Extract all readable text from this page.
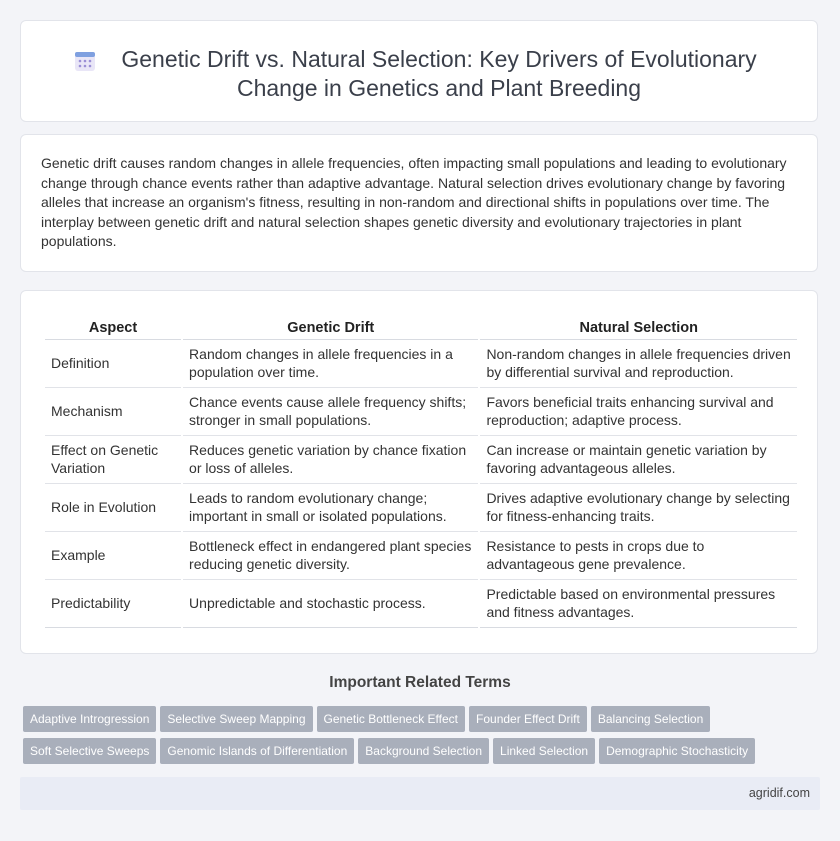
Genetic Drift vs. Natural Selection: Key Drivers of Evolutionary Change in Genetics and Plant Breeding

Genetic drift causes random changes in allele frequencies, often impacting small populations and leading to evolutionary change through chance events rather than adaptive advantage. Natural selection drives evolutionary change by favoring alleles that increase an organism's fitness, resulting in non-random and directional shifts in populations over time. The interplay between genetic drift and natural selection shapes genetic diversity and evolutionary trajectories in plant populations.

Aspect	Genetic Drift	Natural Selection
Definition	Random changes in allele frequencies in a population over time.	Non-random changes in allele frequencies driven by differential survival and reproduction.
Mechanism	Chance events cause allele frequency shifts; stronger in small populations.	Favors beneficial traits enhancing survival and reproduction; adaptive process.
Effect on Genetic Variation	Reduces genetic variation by chance fixation or loss of alleles.	Can increase or maintain genetic variation by favoring advantageous alleles.
Role in Evolution	Leads to random evolutionary change; important in small or isolated populations.	Drives adaptive evolutionary change by selecting for fitness-enhancing traits.
Example	Bottleneck effect in endangered plant species reducing genetic diversity.	Resistance to pests in crops due to advantageous gene prevalence.
Predictability	Unpredictable and stochastic process.	Predictable based on environmental pressures and fitness advantages.
Important Related Terms
Adaptive Introgression Selective Sweep Mapping Genetic Bottleneck Effect Founder Effect Drift Balancing Selection
Soft Selective Sweeps Genomic Islands of Differentiation Background Selection Linked Selection Demographic Stochasticity
agridif.com
